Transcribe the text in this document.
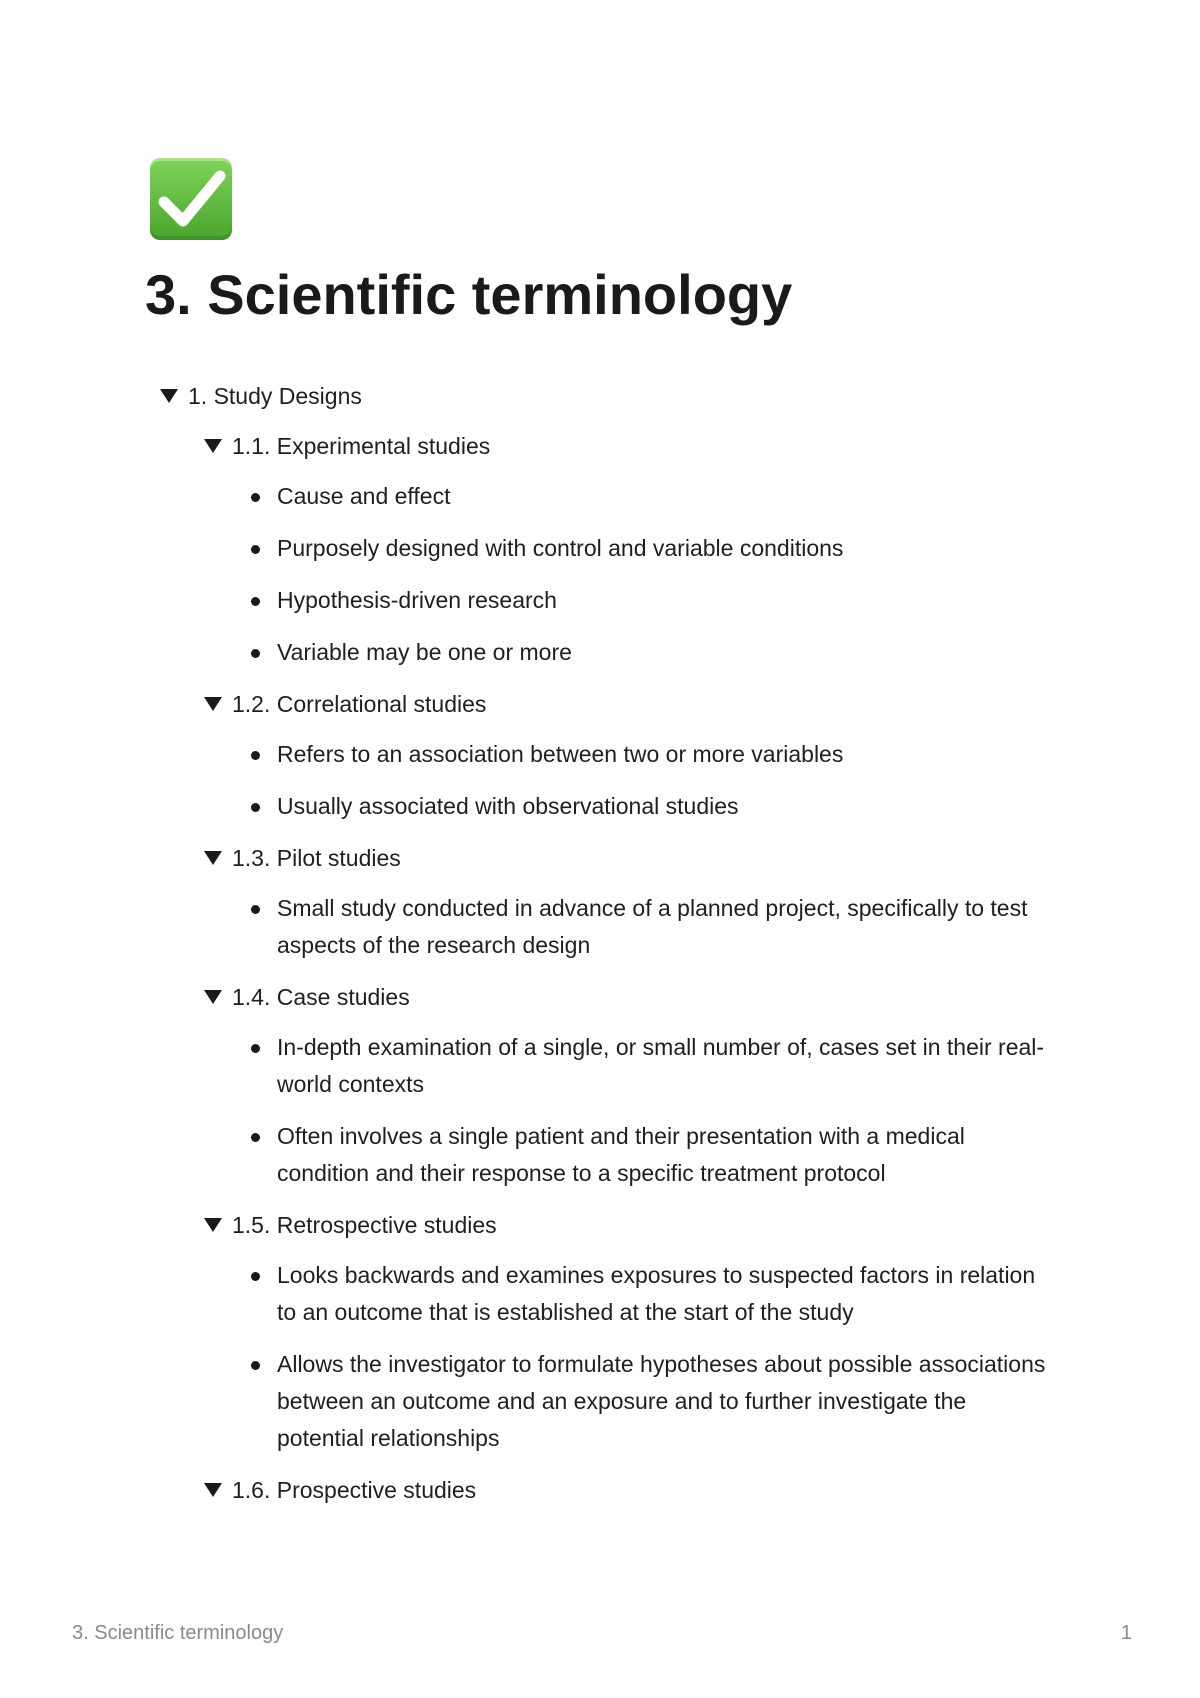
3. Scientific terminology
1. Study Designs
1.1. Experimental studies
Cause and effect
Purposely designed with control and variable conditions
Hypothesis-driven research
Variable may be one or more
1.2. Correlational studies
Refers to an association between two or more variables
Usually associated with observational studies
1.3. Pilot studies
Small study conducted in advance of a planned project, specifically to test aspects of the research design
1.4. Case studies
In-depth examination of a single, or small number of, cases set in their real-world contexts
Often involves a single patient and their presentation with a medical condition and their response to a specific treatment protocol
1.5. Retrospective studies
Looks backwards and examines exposures to suspected factors in relation to an outcome that is established at the start of the study
Allows the investigator to formulate hypotheses about possible associations between an outcome and an exposure and to further investigate the potential relationships
1.6. Prospective studies
3. Scientific terminology	1
